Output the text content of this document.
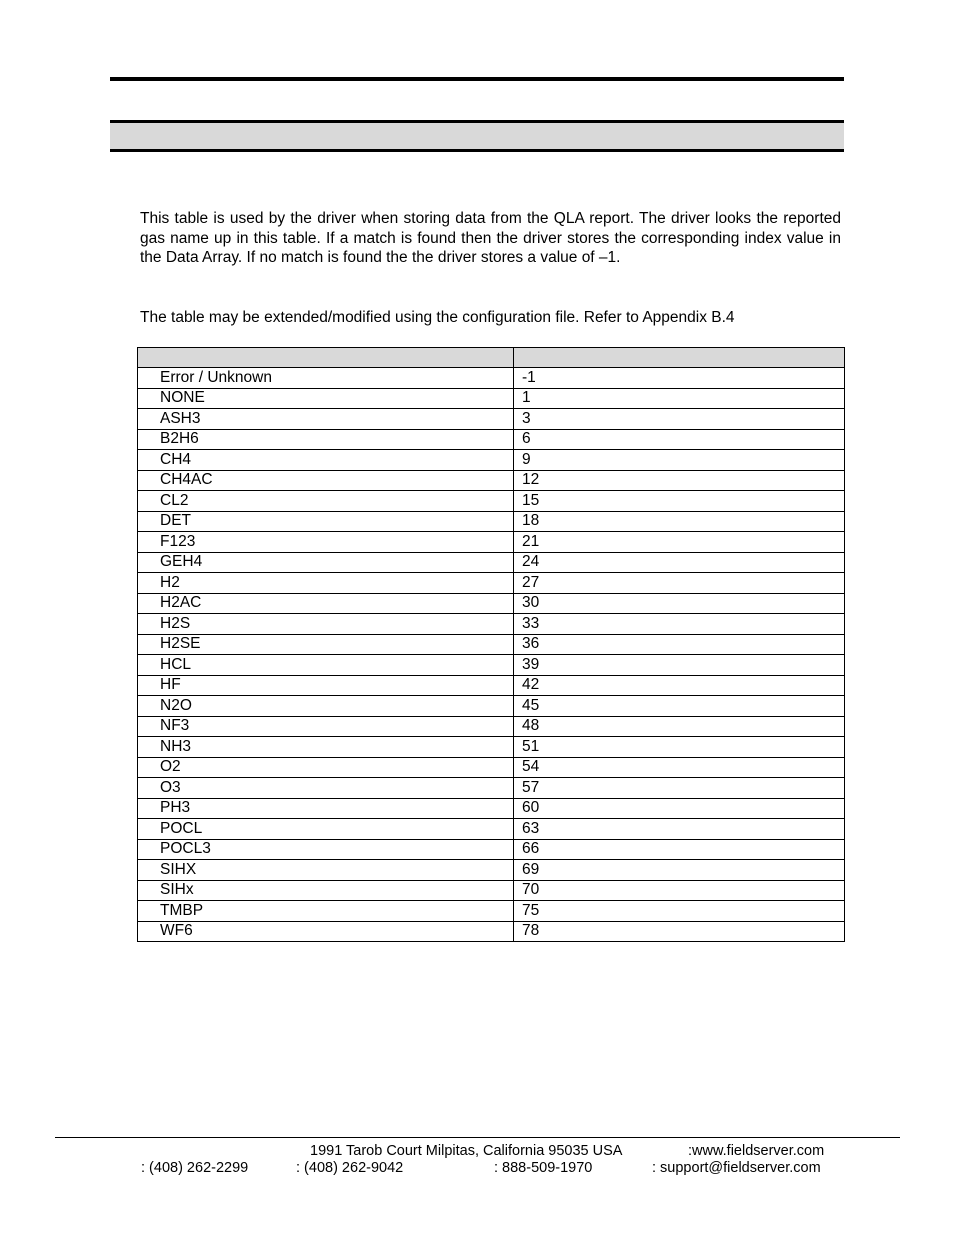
This table is used by the driver when storing data from the QLA report. The driver looks the reported gas name up in this table. If a match is found then the driver stores the corresponding index value in the Data Array. If no match is found the the driver stores a value of –1.

The table may be extended/modified using the configuration file. Refer to Appendix B.4

Error / Unknown	-1
NONE	1
ASH3	3
B2H6	6
CH4	9
CH4AC	12
CL2	15
DET	18
F123	21
GEH4	24
H2	27
H2AC	30
H2S	33
H2SE	36
HCL	39
HF	42
N2O	45
NF3	48
NH3	51
O2	54
O3	57
PH3	60
POCL	63
POCL3	66
SIHX	69
SIHx	70
TMBP	75
WF6	78
1991 Tarob Court Milpitas, California 95035 USA	:www.fieldserver.com
: (408) 262-2299	: (408) 262-9042	: 888-509-1970	: support@fieldserver.com
